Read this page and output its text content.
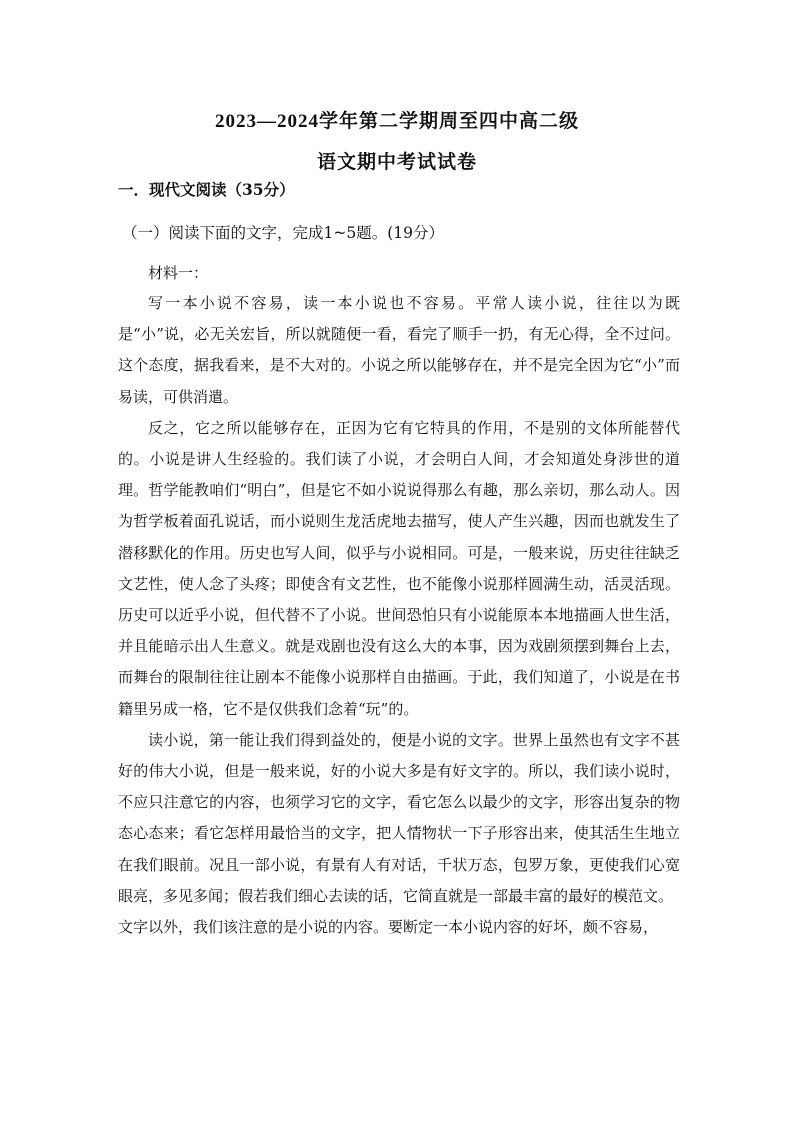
2023—2024学年第二学期周至四中高二级
语文期中考试试卷
一．现代文阅读（35分）
（一）阅读下面的文字，完成1~5题。(19分）

材料一：

写一本小说不容易，读一本小说也不容易。平常人读小说，往往以为既是“小”说，必无关宏旨，所以就随便一看，看完了顺手一扔，有无心得，全不过问。这个态度，据我看来，是不大对的。小说之所以能够存在，并不是完全因为它“小”而易读，可供消遣。

反之，它之所以能够存在，正因为它有它特具的作用，不是别的文体所能替代的。小说是讲人生经验的。我们读了小说，才会明白人间，才会知道处身涉世的道理。哲学能教咱们“明白”，但是它不如小说说得那么有趣，那么亲切，那么动人。因为哲学板着面孔说话，而小说则生龙活虎地去描写，使人产生兴趣，因而也就发生了潜移默化的作用。历史也写人间，似乎与小说相同。可是，一般来说，历史往往缺乏文艺性，使人念了头疼；即使含有文艺性，也不能像小说那样圆满生动，活灵活现。历史可以近乎小说，但代替不了小说。世间恐怕只有小说能原本本地描画人世生活，并且能暗示出人生意义。就是戏剧也没有这么大的本事，因为戏剧须摆到舞台上去，而舞台的限制往往让剧本不能像小说那样自由描画。于此，我们知道了，小说是在书籍里另成一格，它不是仅供我们念着“玩”的。

读小说，第一能让我们得到益处的，便是小说的文字。世界上虽然也有文字不甚好的伟大小说，但是一般来说，好的小说大多是有好文字的。所以，我们读小说时，不应只注意它的内容，也须学习它的文字，看它怎么以最少的文字，形容出复杂的物态心态来；看它怎样用最恰当的文字，把人情物状一下子形容出来，使其活生生地立在我们眼前。况且一部小说，有景有人有对话，千状万态，包罗万象，更使我们心宽眼亮，多见多闻；假若我们细心去读的话，它简直就是一部最丰富的最好的模范文。

文字以外，我们该注意的是小说的内容。要断定一本小说内容的好坏，颇不容易，
